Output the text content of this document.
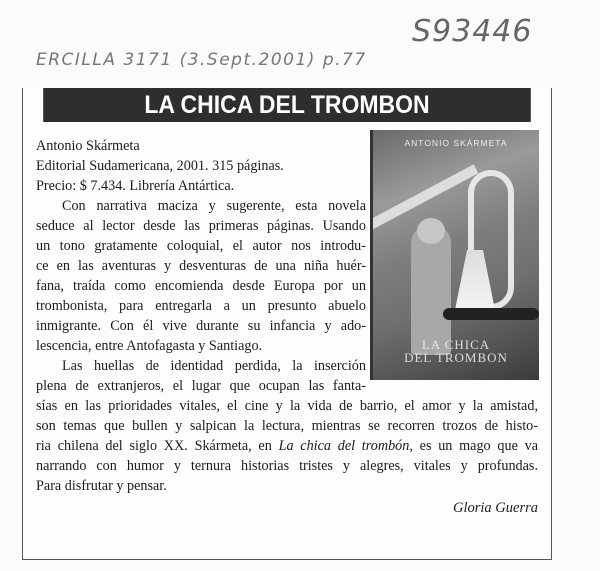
S93446
ERCILLA 3171 (3.Sept.2001) p.77
LA CHICA DEL TROMBON
ANTONIO SKÁRMETA
LA CHICA
DEL TROMBON
Antonio Skármeta
Editorial Sudamericana, 2001. 315 páginas.
Precio: $ 7.434. Librería Antártica.
Con narrativa maciza y sugerente, esta novela
seduce al lector desde las primeras páginas. Usando
un tono gratamente coloquial, el autor nos introdu-
ce en las aventuras y desventuras de una niña huér-
fana, traída como encomienda desde Europa por un
trombonista, para entregarla a un presunto abuelo
inmigrante. Con él vive durante su infancia y ado-
lescencia, entre Antofagasta y Santiago.
Las huellas de identidad perdida, la inserción
plena de extranjeros, el lugar que ocupan las fanta-
sías en las prioridades vitales, el cine y la vida de barrio, el amor y la amistad,
son temas que bullen y salpican la lectura, mientras se recorren trozos de histo-
ria chilena del siglo XX. Skármeta, en La chica del trombón, es un mago que va
narrando con humor y ternura historias tristes y alegres, vitales y profundas.
Para disfrutar y pensar.
Gloria Guerra
